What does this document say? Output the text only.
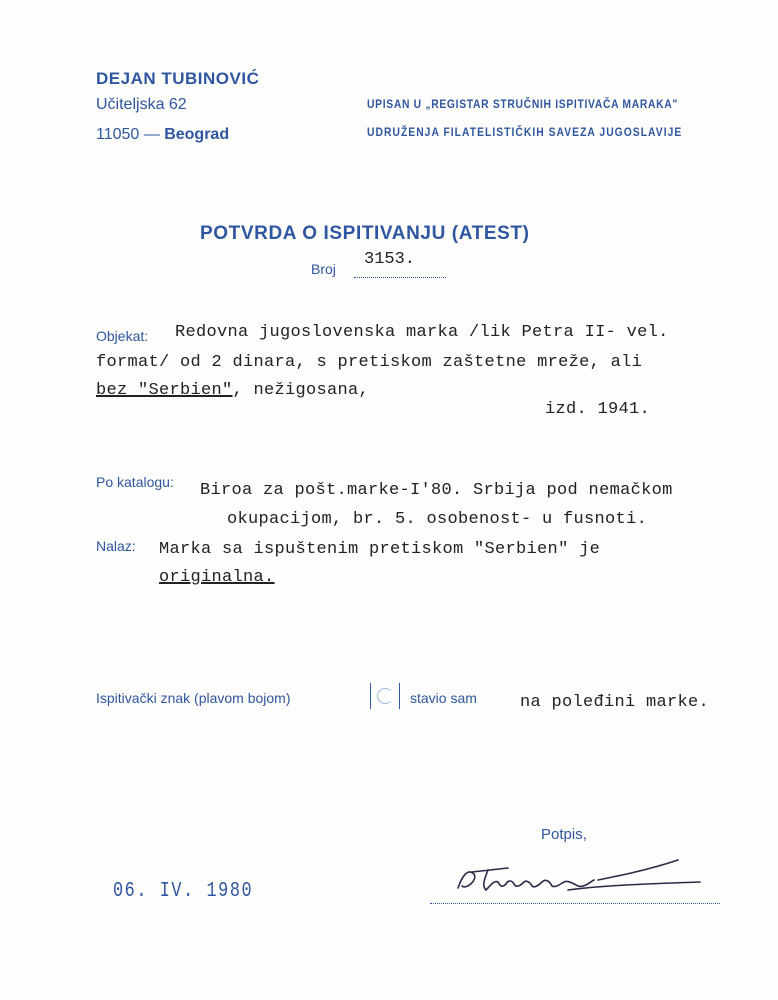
DEJAN TUBINOVIĆ
Učiteljska 62
11050 — Beograd
UPISAN U „REGISTAR STRUČNIH ISPITIVAČA MARAKA"
UDRUŽENJA FILATELISTIČKIH SAVEZA JUGOSLAVIJE
POTVRDA O ISPITIVANJU (ATEST)
Broj 3153.
Objekat: Redovna jugoslovenska marka /lik Petra II- vel.
format/ od 2 dinara, s pretiskom zaštetne mreže, ali
bez "Serbien", nežigosana,
izd. 1941.
Po katalogu: Biroa za pošt.marke-I'80. Srbija pod nemačkom
okupacijom, br. 5. osobenost- u fusnoti.
Nalaz: Marka sa ispuštenim pretiskom "Serbien" je
originalna.
Ispitivački znak (plavom bojom)	stavio sam	na poleđini marke.
Potpis,
06. IV. 1980
